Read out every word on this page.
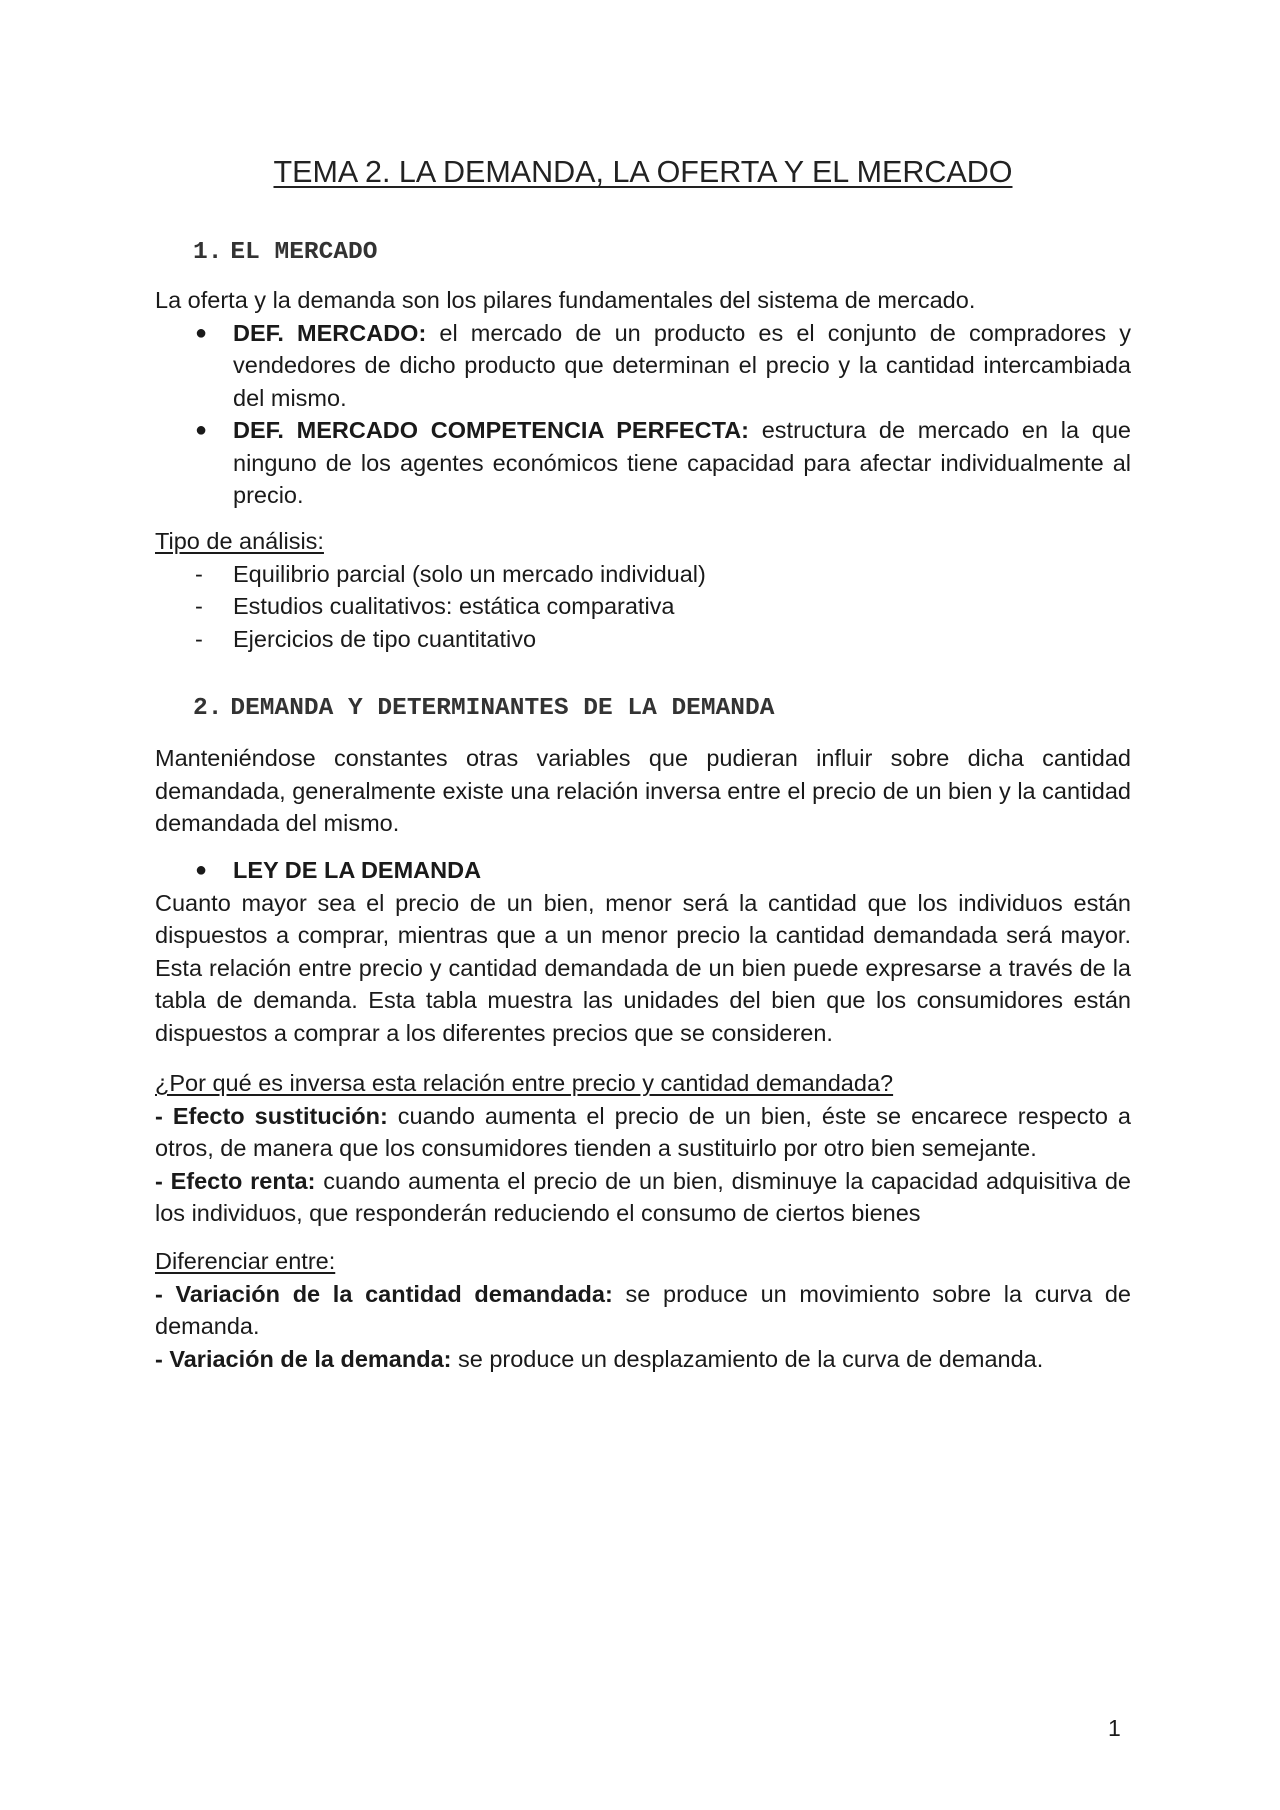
TEMA 2. LA DEMANDA, LA OFERTA Y EL MERCADO
1. EL MERCADO

La oferta y la demanda son los pilares fundamentales del sistema de mercado.

● DEF. MERCADO: el mercado de un producto es el conjunto de compradores y vendedores de dicho producto que determinan el precio y la cantidad intercambiada del mismo.
● DEF. MERCADO COMPETENCIA PERFECTA: estructura de mercado en la que ninguno de los agentes económicos tiene capacidad para afectar individualmente al precio.

Tipo de análisis:

- Equilibrio parcial (solo un mercado individual)
- Estudios cualitativos: estática comparativa
- Ejercicios de tipo cuantitativo
2. DEMANDA Y DETERMINANTES DE LA DEMANDA

Manteniéndose constantes otras variables que pudieran influir sobre dicha cantidad demandada, generalmente existe una relación inversa entre el precio de un bien y la cantidad demandada del mismo.

● LEY DE LA DEMANDA

Cuanto mayor sea el precio de un bien, menor será la cantidad que los individuos están dispuestos a comprar, mientras que a un menor precio la cantidad demandada será mayor. Esta relación entre precio y cantidad demandada de un bien puede expresarse a través de la tabla de demanda. Esta tabla muestra las unidades del bien que los consumidores están dispuestos a comprar a los diferentes precios que se consideren.

¿Por qué es inversa esta relación entre precio y cantidad demandada?

- Efecto sustitución: cuando aumenta el precio de un bien, éste se encarece respecto a otros, de manera que los consumidores tienden a sustituirlo por otro bien semejante.

- Efecto renta: cuando aumenta el precio de un bien, disminuye la capacidad adquisitiva de los individuos, que responderán reduciendo el consumo de ciertos bienes

Diferenciar entre:

- Variación de la cantidad demandada: se produce un movimiento sobre la curva de demanda.

- Variación de la demanda: se produce un desplazamiento de la curva de demanda.

1
